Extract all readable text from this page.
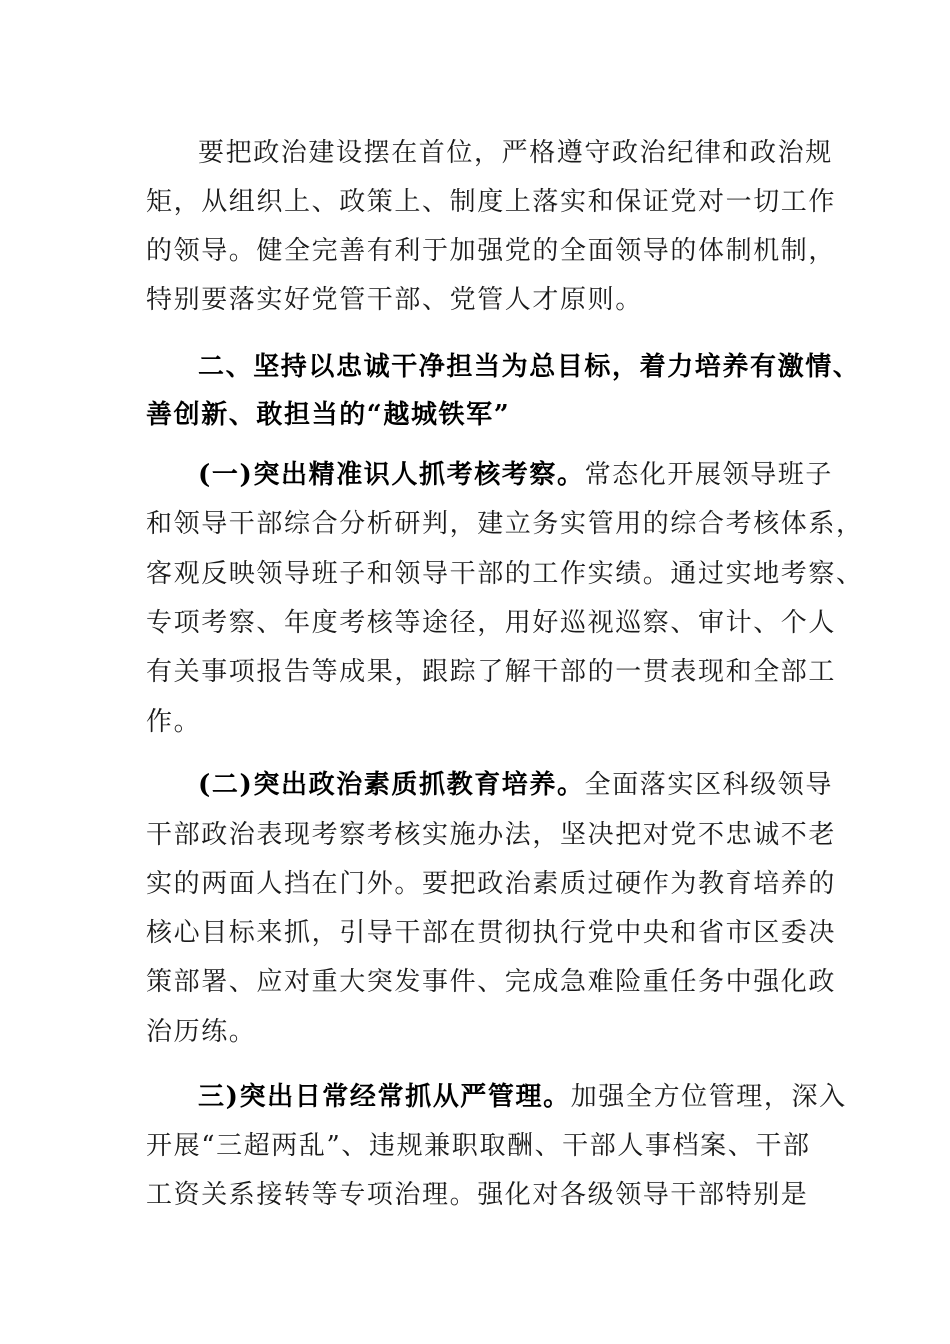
要把政治建设摆在首位，严格遵守政治纪律和政治规
矩，从组织上、政策上、制度上落实和保证党对一切工作
的领导。健全完善有利于加强党的全面领导的体制机制，
特别要落实好党管干部、党管人才原则。
二、坚持以忠诚干净担当为总目标，着力培养有激情、
善创新、敢担当的“越城铁军”
(一)突出精准识人抓考核考察。常态化开展领导班子
和领导干部综合分析研判，建立务实管用的综合考核体系，
客观反映领导班子和领导干部的工作实绩。通过实地考察、
专项考察、年度考核等途径，用好巡视巡察、审计、个人
有关事项报告等成果，跟踪了解干部的一贯表现和全部工
作。
(二)突出政治素质抓教育培养。全面落实区科级领导
干部政治表现考察考核实施办法，坚决把对党不忠诚不老
实的两面人挡在门外。要把政治素质过硬作为教育培养的
核心目标来抓，引导干部在贯彻执行党中央和省市区委决
策部署、应对重大突发事件、完成急难险重任务中强化政
治历练。
三)突出日常经常抓从严管理。加强全方位管理，深入
开展“三超两乱”、违规兼职取酬、干部人事档案、干部
工资关系接转等专项治理。强化对各级领导干部特别是
